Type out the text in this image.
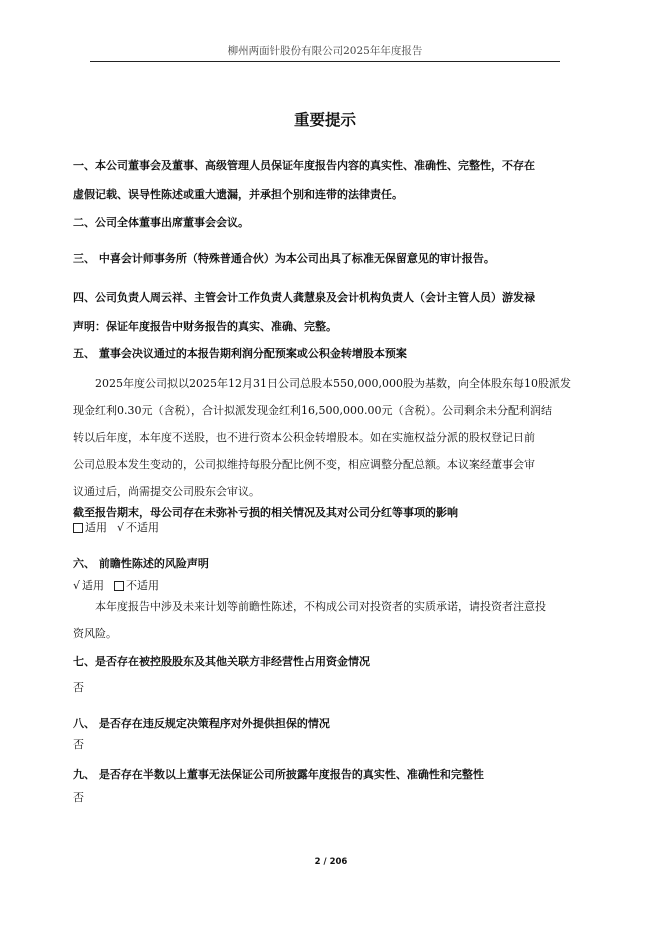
柳州两面针股份有限公司2025年年度报告
重要提示
一、本公司董事会及董事、高级管理人员保证年度报告内容的真实性、准确性、完整性，不存在
虚假记载、误导性陈述或重大遗漏，并承担个别和连带的法律责任。
二、公司全体董事出席董事会会议。
三、 中喜会计师事务所（特殊普通合伙）为本公司出具了标准无保留意见的审计报告。
四、公司负责人周云祥、主管会计工作负责人龚慧泉及会计机构负责人（会计主管人员）游发禄
声明：保证年度报告中财务报告的真实、准确、完整。
五、 董事会决议通过的本报告期利润分配预案或公积金转增股本预案
2025年度公司拟以2025年12月31日公司总股本550,000,000股为基数，向全体股东每10股派发
现金红利0.30元（含税），合计拟派发现金红利16,500,000.00元（含税）。公司剩余未分配利润结
转以后年度，本年度不送股，也不进行资本公积金转增股本。如在实施权益分派的股权登记日前
公司总股本发生变动的，公司拟维持每股分配比例不变，相应调整分配总额。本议案经董事会审
议通过后，尚需提交公司股东会审议。
截至报告期末，母公司存在未弥补亏损的相关情况及其对公司分红等事项的影响
适用 √ 不适用
六、 前瞻性陈述的风险声明
√ 适用 不适用
本年度报告中涉及未来计划等前瞻性陈述，不构成公司对投资者的实质承诺，请投资者注意投
资风险。
七、是否存在被控股股东及其他关联方非经营性占用资金情况
否
八、 是否存在违反规定决策程序对外提供担保的情况
否
九、 是否存在半数以上董事无法保证公司所披露年度报告的真实性、准确性和完整性
否
2 / 206
